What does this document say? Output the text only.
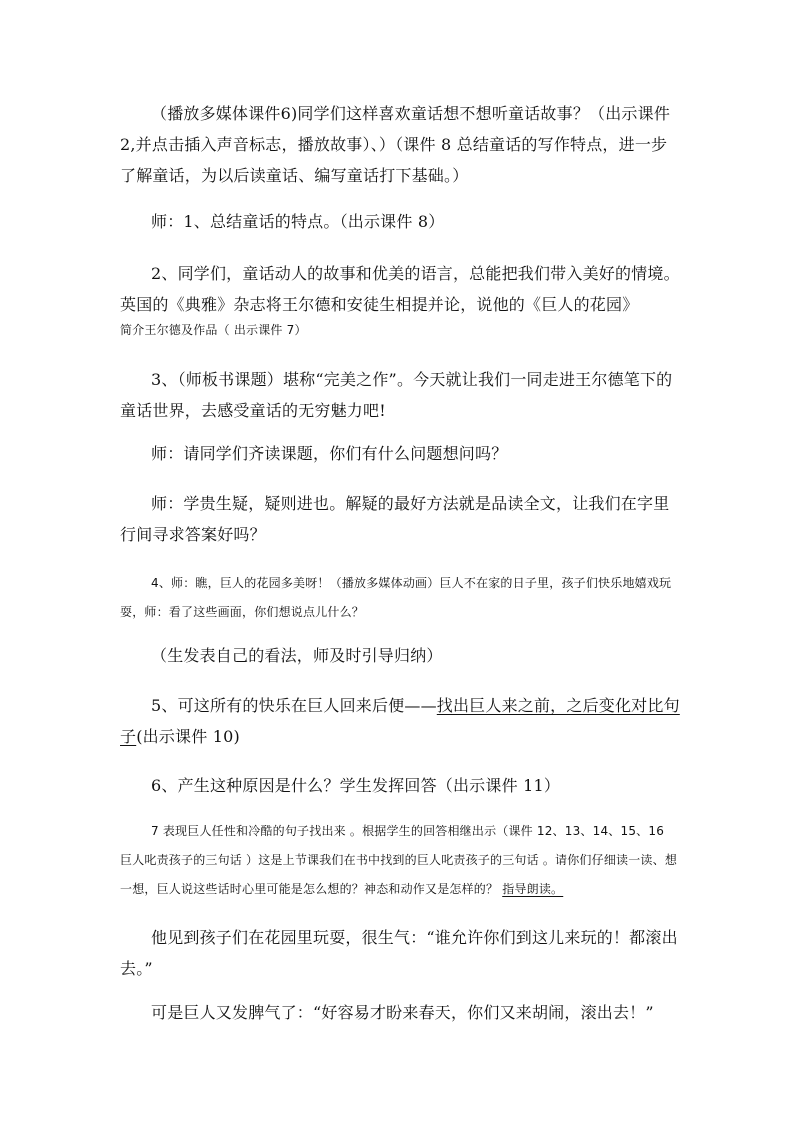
（播放多媒体课件6)同学们这样喜欢童话想不想听童话故事？（出示课件2,并点击插入声音标志，播放故事）、）（课件 8 总结童话的写作特点，进一步了解童话，为以后读童话、编写童话打下基础。）

师：1、总结童话的特点。（出示课件 8）

2、同学们，童话动人的故事和优美的语言，总能把我们带入美好的情境。英国的《典雅》杂志将王尔德和安徒生相提并论，说他的《巨人的花园》

简介王尔德及作品（ 出示课件 7）

3、（师板书课题）堪称“完美之作”。今天就让我们一同走进王尔德笔下的童话世界，去感受童话的无穷魅力吧!

师：请同学们齐读课题，你们有什么问题想问吗？

师：学贵生疑，疑则进也。解疑的最好方法就是品读全文，让我们在字里行间寻求答案好吗？

4、师：瞧，巨人的花园多美呀！（播放多媒体动画）巨人不在家的日子里，孩子们快乐地嬉戏玩耍，师：看了这些画面，你们想说点儿什么？

（生发表自己的看法，师及时引导归纳）

5、可这所有的快乐在巨人回来后便——找出巨人来之前，之后变化对比句子(出示课件 10)

6、产生这种原因是什么？学生发挥回答（出示课件 11）

7 表现巨人任性和冷酷的句子找出来 。根据学生的回答相继出示（课件 12、13、14、15、16 巨人叱责孩子的三句话 ）这是上节课我们在书中找到的巨人叱责孩子的三句话 。请你们仔细读一读、想一想，巨人说这些话时心里可能是怎么想的？神态和动作又是怎样的？ 指导朗读。

他见到孩子们在花园里玩耍，很生气：“谁允许你们到这儿来玩的！都滚出去。”

可是巨人又发脾气了：“好容易才盼来春天，你们又来胡闹，滚出去！”
